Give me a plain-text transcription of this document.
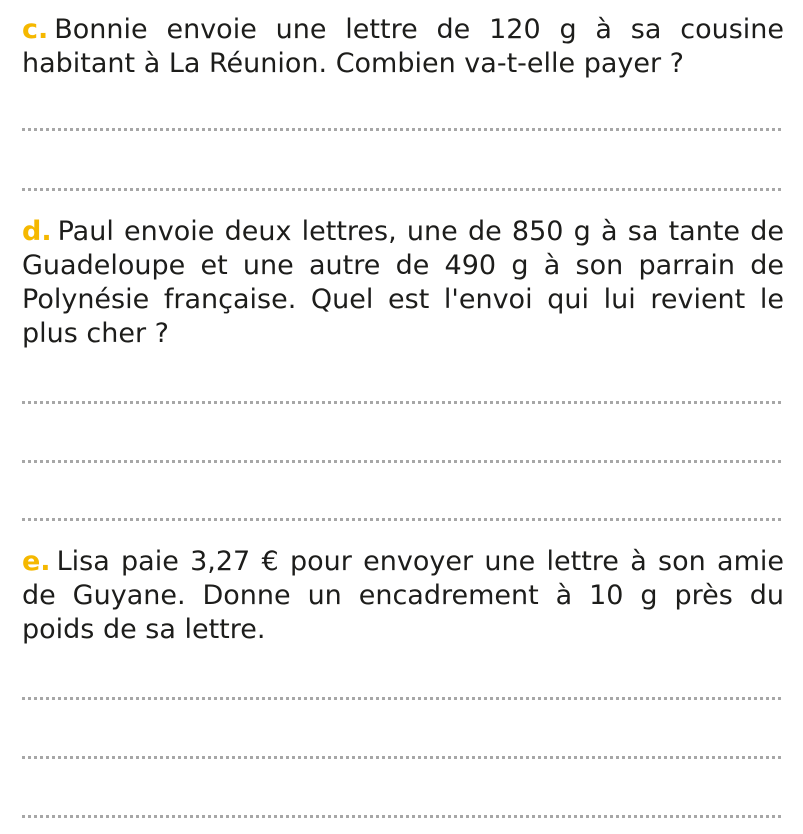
c. Bonnie envoie une lettre de 120 g à sa cousine habitant à La Réunion. Combien va-t-elle payer ?

d. Paul envoie deux lettres, une de 850 g à sa tante de Guadeloupe et une autre de 490 g à son parrain de Polynésie française. Quel est l'envoi qui lui revient le plus cher ?

e. Lisa paie 3,27 € pour envoyer une lettre à son amie de Guyane. Donne un encadrement à 10 g près du poids de sa lettre.
